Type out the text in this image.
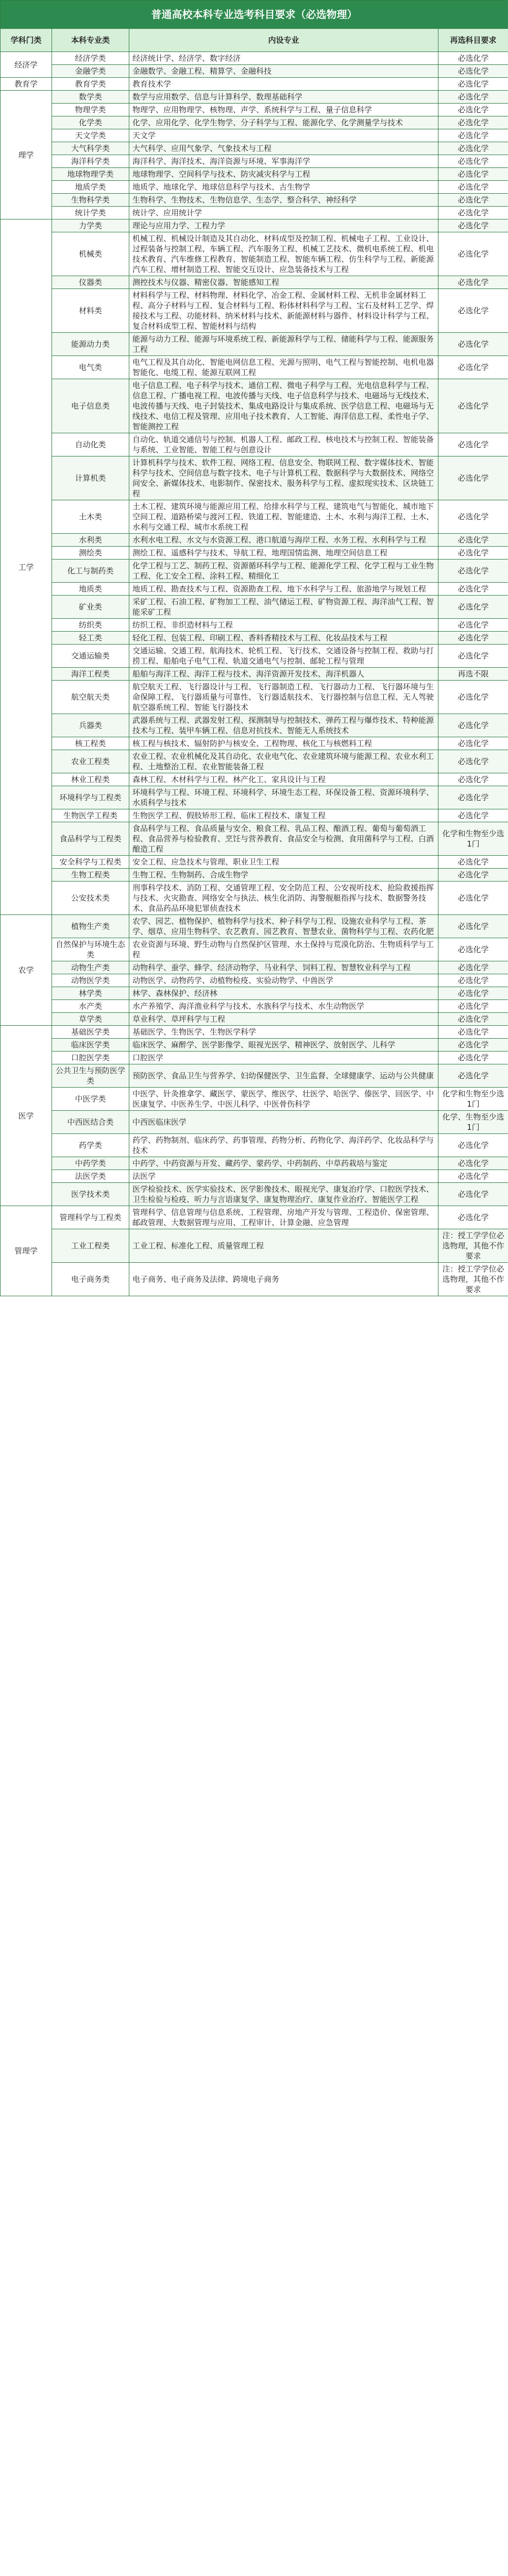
普通高校本科专业选考科目要求（必选物理）			
学科门类	本科专业类	内设专业	再选科目要求
经济学	经济学类	经济统计学、经济学、数字经济	必选化学
	金融学类	金融数学、金融工程、精算学、金融科技	必选化学
教育学	教育学类	教育技术学	必选化学
理学	数学类	数学与应用数学、信息与计算科学、数理基础科学	必选化学
	物理学类	物理学、应用物理学、核物理、声学、系统科学与工程、量子信息科学	必选化学
	化学类	化学、应用化学、化学生物学、分子科学与工程、能源化学、化学测量学与技术	必选化学
	天文学类	天文学	必选化学
	大气科学类	大气科学、应用气象学、气象技术与工程	必选化学
	海洋科学类	海洋科学、海洋技术、海洋资源与环境、军事海洋学	必选化学
	地球物理学类	地球物理学、空间科学与技术、防灾减灾科学与工程	必选化学
	地质学类	地质学、地球化学、地球信息科学与技术、古生物学	必选化学
	生物科学类	生物科学、生物技术、生物信息学、生态学、整合科学、神经科学	必选化学
	统计学类	统计学、应用统计学	必选化学
工学	力学类	理论与应用力学、工程力学	必选化学
	机械类	机械工程、机械设计制造及其自动化、材料成型及控制工程、机械电子工程、工业设计、过程装备与控制工程、车辆工程、汽车服务工程、机械工艺技术、微机电系统工程、机电技术教育、汽车维修工程教育、智能制造工程、智能车辆工程、仿生科学与工程、新能源汽车工程、增材制造工程、智能交互设计、应急装备技术与工程	必选化学
	仪器类	测控技术与仪器、精密仪器、智能感知工程	必选化学
	材料类	材料科学与工程、材料物理、材料化学、冶金工程、金属材料工程、无机非金属材料工程、高分子材料与工程、复合材料与工程、粉体材料科学与工程、宝石及材料工艺学、焊接技术与工程、功能材料、纳米材料与技术、新能源材料与器件、材料设计科学与工程、复合材料成型工程、智能材料与结构	必选化学
	能源动力类	能源与动力工程、能源与环境系统工程、新能源科学与工程、储能科学与工程、能源服务工程	必选化学
	电气类	电气工程及其自动化、智能电网信息工程、光源与照明、电气工程与智能控制、电机电器智能化、电缆工程、能源互联网工程	必选化学
	电子信息类	电子信息工程、电子科学与技术、通信工程、微电子科学与工程、光电信息科学与工程、信息工程、广播电视工程、电波传播与天线、电子信息科学与技术、电磁场与无线技术、电波传播与天线、电子封装技术、集成电路设计与集成系统、医学信息工程、电磁场与无线技术、电信工程及管理、应用电子技术教育、人工智能、海洋信息工程、柔性电子学、智能测控工程	必选化学
	自动化类	自动化、轨道交通信号与控制、机器人工程、邮政工程、核电技术与控制工程、智能装备与系统、工业智能、智能工程与创意设计	必选化学
	计算机类	计算机科学与技术、软件工程、网络工程、信息安全、物联网工程、数字媒体技术、智能科学与技术、空间信息与数字技术、电子与计算机工程、数据科学与大数据技术、网络空间安全、新媒体技术、电影制作、保密技术、服务科学与工程、虚拟现实技术、区块链工程	必选化学
	土木类	土木工程、建筑环境与能源应用工程、给排水科学与工程、建筑电气与智能化、城市地下空间工程、道路桥梁与渡河工程、铁道工程、智能建造、土木、水利与海洋工程、土木、水利与交通工程、城市水系统工程	必选化学
	水利类	水利水电工程、水文与水资源工程、港口航道与海岸工程、水务工程、水利科学与工程	必选化学
	测绘类	测绘工程、遥感科学与技术、导航工程、地理国情监测、地理空间信息工程	必选化学
	化工与制药类	化学工程与工艺、制药工程、资源循环科学与工程、能源化学工程、化学工程与工业生物工程、化工安全工程、涂料工程、精细化工	必选化学
	地质类	地质工程、勘查技术与工程、资源勘查工程、地下水科学与工程、旅游地学与规划工程	必选化学
	矿业类	采矿工程、石油工程、矿物加工工程、油气储运工程、矿物资源工程、海洋油气工程、智能采矿工程	必选化学
	纺织类	纺织工程、非织造材料与工程	必选化学
	轻工类	轻化工程、包装工程、印刷工程、香料香精技术与工程、化妆品技术与工程	必选化学
	交通运输类	交通运输、交通工程、航海技术、轮机工程、飞行技术、交通设备与控制工程、救助与打捞工程、船舶电子电气工程、轨道交通电气与控制、邮轮工程与管理	必选化学
	海洋工程类	船舶与海洋工程、海洋工程与技术、海洋资源开发技术、海洋机器人	再选不限
	航空航天类	航空航天工程、飞行器设计与工程、飞行器制造工程、飞行器动力工程、飞行器环境与生命保障工程、飞行器质量与可靠性、飞行器适航技术、飞行器控制与信息工程、无人驾驶航空器系统工程、智能飞行器技术	必选化学
	兵器类	武器系统与工程、武器发射工程、探测制导与控制技术、弹药工程与爆炸技术、特种能源技术与工程、装甲车辆工程、信息对抗技术、智能无人系统技术	必选化学
	核工程类	核工程与核技术、辐射防护与核安全、工程物理、核化工与核燃料工程	必选化学
	农业工程类	农业工程、农业机械化及其自动化、农业电气化、农业建筑环境与能源工程、农业水利工程、土地整治工程、农业智能装备工程	必选化学
	林业工程类	森林工程、木材科学与工程、林产化工、家具设计与工程	必选化学
	环境科学与工程类	环境科学与工程、环境工程、环境科学、环境生态工程、环保设备工程、资源环境科学、水质科学与技术	必选化学
	生物医学工程类	生物医学工程、假肢矫形工程、临床工程技术、康复工程	必选化学
	食品科学与工程类	食品科学与工程、食品质量与安全、粮食工程、乳品工程、酿酒工程、葡萄与葡萄酒工程、食品营养与检验教育、烹饪与营养教育、食品安全与检测、食用菌科学与工程、白酒酿造工程	化学和生物至少选1门
	安全科学与工程类	安全工程、应急技术与管理、职业卫生工程	必选化学
	生物工程类	生物工程、生物制药、合成生物学	必选化学
	公安技术类	刑事科学技术、消防工程、交通管理工程、安全防范工程、公安视听技术、抢险救援指挥与技术、火灾勘查、网络安全与执法、核生化消防、海警舰艇指挥与技术、数据警务技术、食品药品环境犯罪侦查技术	必选化学
农学	植物生产类	农学、园艺、植物保护、植物科学与技术、种子科学与工程、设施农业科学与工程、茶学、烟草、应用生物科学、农艺教育、园艺教育、智慧农业、菌物科学与工程、农药化肥	必选化学
	自然保护与环境生态类	农业资源与环境、野生动物与自然保护区管理、水土保持与荒漠化防治、生物质科学与工程	必选化学
	动物生产类	动物科学、蚕学、蜂学、经济动物学、马业科学、饲料工程、智慧牧业科学与工程	必选化学
	动物医学类	动物医学、动物药学、动植物检疫、实验动物学、中兽医学	必选化学
	林学类	林学、森林保护、经济林	必选化学
	水产类	水产养殖学、海洋渔业科学与技术、水族科学与技术、水生动物医学	必选化学
	草学类	草业科学、草坪科学与工程	必选化学
医学	基础医学类	基础医学、生物医学、生物医学科学	必选化学
	临床医学类	临床医学、麻醉学、医学影像学、眼视光医学、精神医学、放射医学、儿科学	必选化学
	口腔医学类	口腔医学	必选化学
	公共卫生与预防医学类	预防医学、食品卫生与营养学、妇幼保健医学、卫生监督、全球健康学、运动与公共健康	必选化学
	中医学类	中医学、针灸推拿学、藏医学、蒙医学、维医学、壮医学、哈医学、傣医学、回医学、中医康复学、中医养生学、中医儿科学、中医骨伤科学	化学和生物至少选1门
	中西医结合类	中西医临床医学	化学、生物至少选1门
	药学类	药学、药物制剂、临床药学、药事管理、药物分析、药物化学、海洋药学、化妆品科学与技术	必选化学
	中药学类	中药学、中药资源与开发、藏药学、蒙药学、中药制药、中草药栽培与鉴定	必选化学
	法医学类	法医学	必选化学
	医学技术类	医学检验技术、医学实验技术、医学影像技术、眼视光学、康复治疗学、口腔医学技术、卫生检验与检疫、听力与言语康复学、康复物理治疗、康复作业治疗、智能医学工程	必选化学
管理学	管理科学与工程类	管理科学、信息管理与信息系统、工程管理、房地产开发与管理、工程造价、保密管理、邮政管理、大数据管理与应用、工程审计、计算金融、应急管理	必选化学
	工业工程类	工业工程、标准化工程、质量管理工程	注：授工学学位必选物理，其他不作要求
	电子商务类	电子商务、电子商务及法律、跨境电子商务	注：授工学学位必选物理，其他不作要求
